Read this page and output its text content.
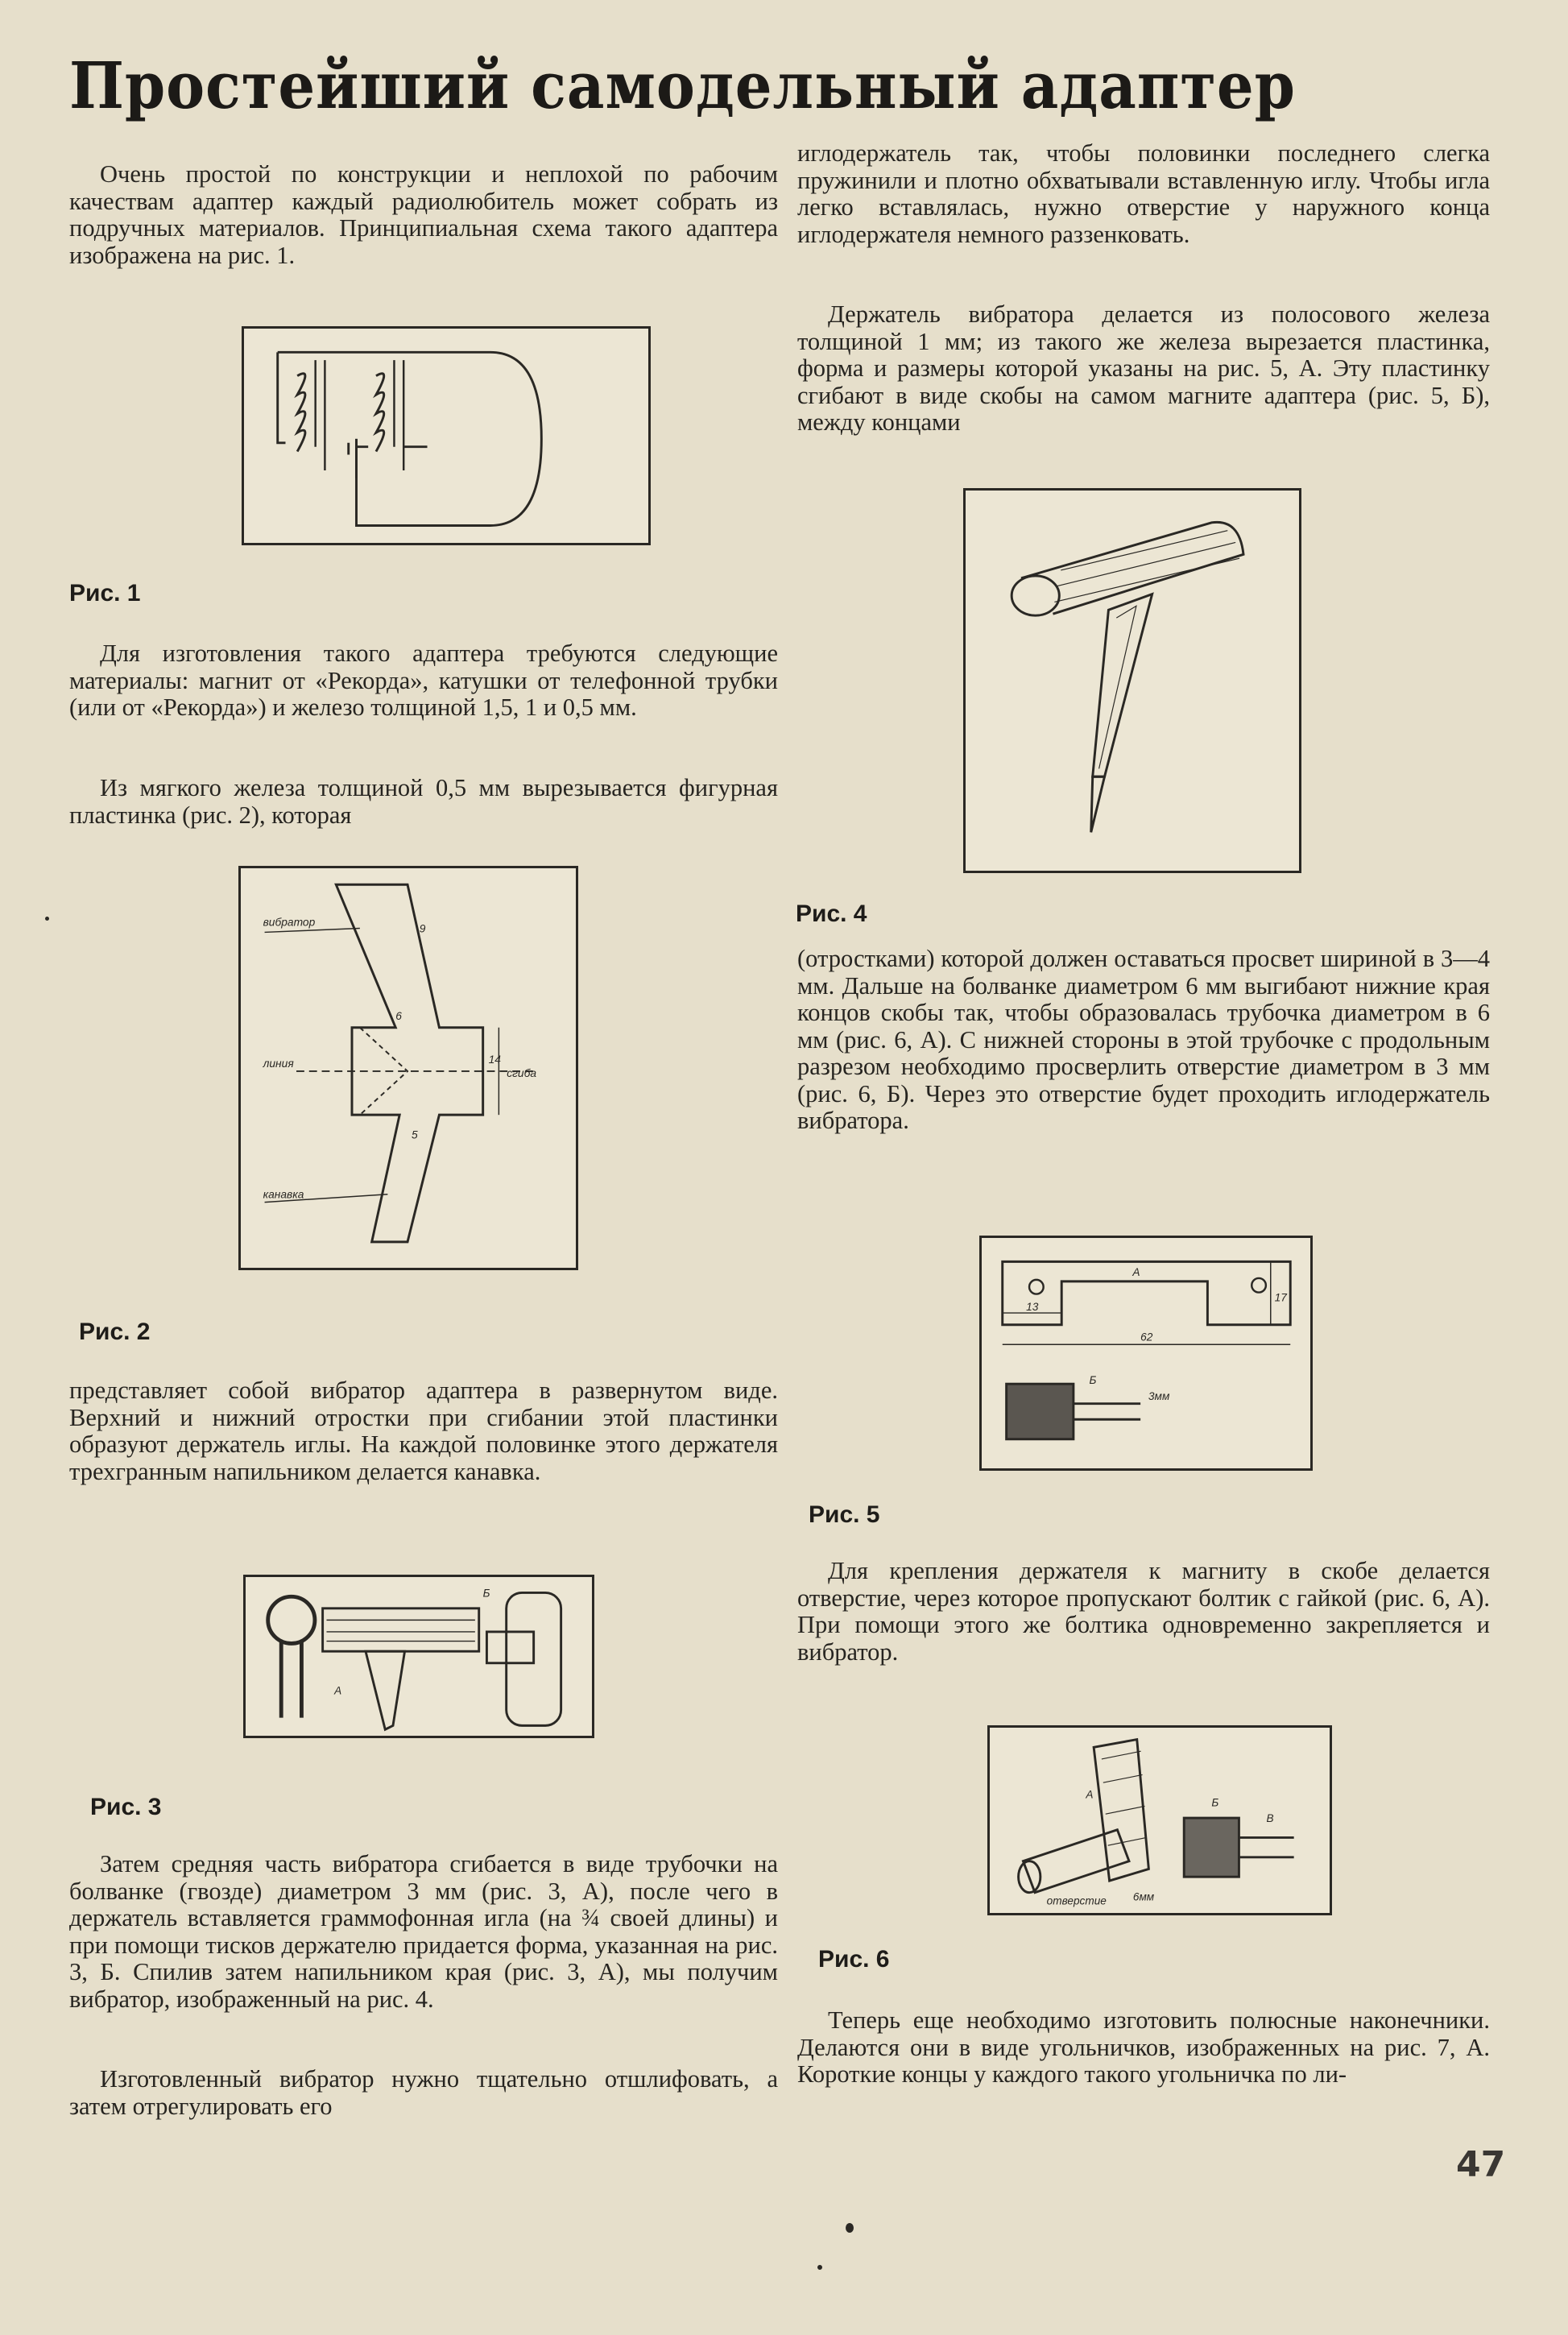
Простейший самодельный адаптер

Очень простой по конструкции и неплохой по рабочим качествам адаптер каждый радиолюбитель может собрать из подручных материалов. Принципиальная схема такого адаптера изображена на рис. 1.

Рис. 1

Для изготовления такого адаптера требуются следующие материалы: магнит от «Рекорда», катушки от телефонной трубки (или от «Рекорда») и железо толщиной 1,5, 1 и 0,5 мм.

Из мягкого железа толщиной 0,5 мм вырезывается фигурная пластинка (рис. 2), которая

вибратор
линия
сгиба
канавка
9
6
14
5
Рис. 2

представляет собой вибратор адаптера в развернутом виде. Верхний и нижний отростки при сгибании этой пластинки образуют держатель иглы. На каждой половинке этого держателя трехгранным напильником делается канавка.

А
Б
Рис. 3

Затем средняя часть вибратора сгибается в виде трубочки на болванке (гвозде) диаметром 3 мм (рис. 3, А), после чего в держатель вставляется граммофонная игла (на ¾ своей длины) и при помощи тисков держателю придается форма, указанная на рис. 3, Б. Спилив затем напильником края (рис. 3, А), мы получим вибратор, изображенный на рис. 4.

Изготовленный вибратор нужно тщательно отшлифовать, а затем отрегулировать его

иглодержатель так, чтобы половинки последнего слегка пружинили и плотно обхватывали вставленную иглу. Чтобы игла легко вставлялась, нужно отверстие у наружного конца иглодержателя немного раззенковать.

Держатель вибратора делается из полосового железа толщиной 1 мм; из такого же железа вырезается пластинка, форма и размеры которой указаны на рис. 5, А. Эту пластинку сгибают в виде скобы на самом магните адаптера (рис. 5, Б), между концами

Рис. 4

(отростками) которой должен оставаться просвет шириной в 3—4 мм. Дальше на болванке диаметром 6 мм выгибают нижние края концов скобы так, чтобы образовалась трубочка диаметром в 6 мм (рис. 6, А). С нижней стороны в этой трубочке с продольным разрезом необходимо просверлить отверстие диаметром в 3 мм (рис. 6, Б). Через это отверстие будет проходить иглодержатель вибратора.

А
13
17
62
Б
3мм
Рис. 5

Для крепления держателя к магниту в скобе делается отверстие, через которое пропускают болтик с гайкой (рис. 6, А). При помощи этого же болтика одновременно закрепляется и вибратор.

А
Б
В
отверстие 6мм
Рис. 6

Теперь еще необходимо изготовить полюсные наконечники. Делаются они в виде угольничков, изображенных на рис. 7, А. Короткие концы у каждого такого угольничка по ли-

47
